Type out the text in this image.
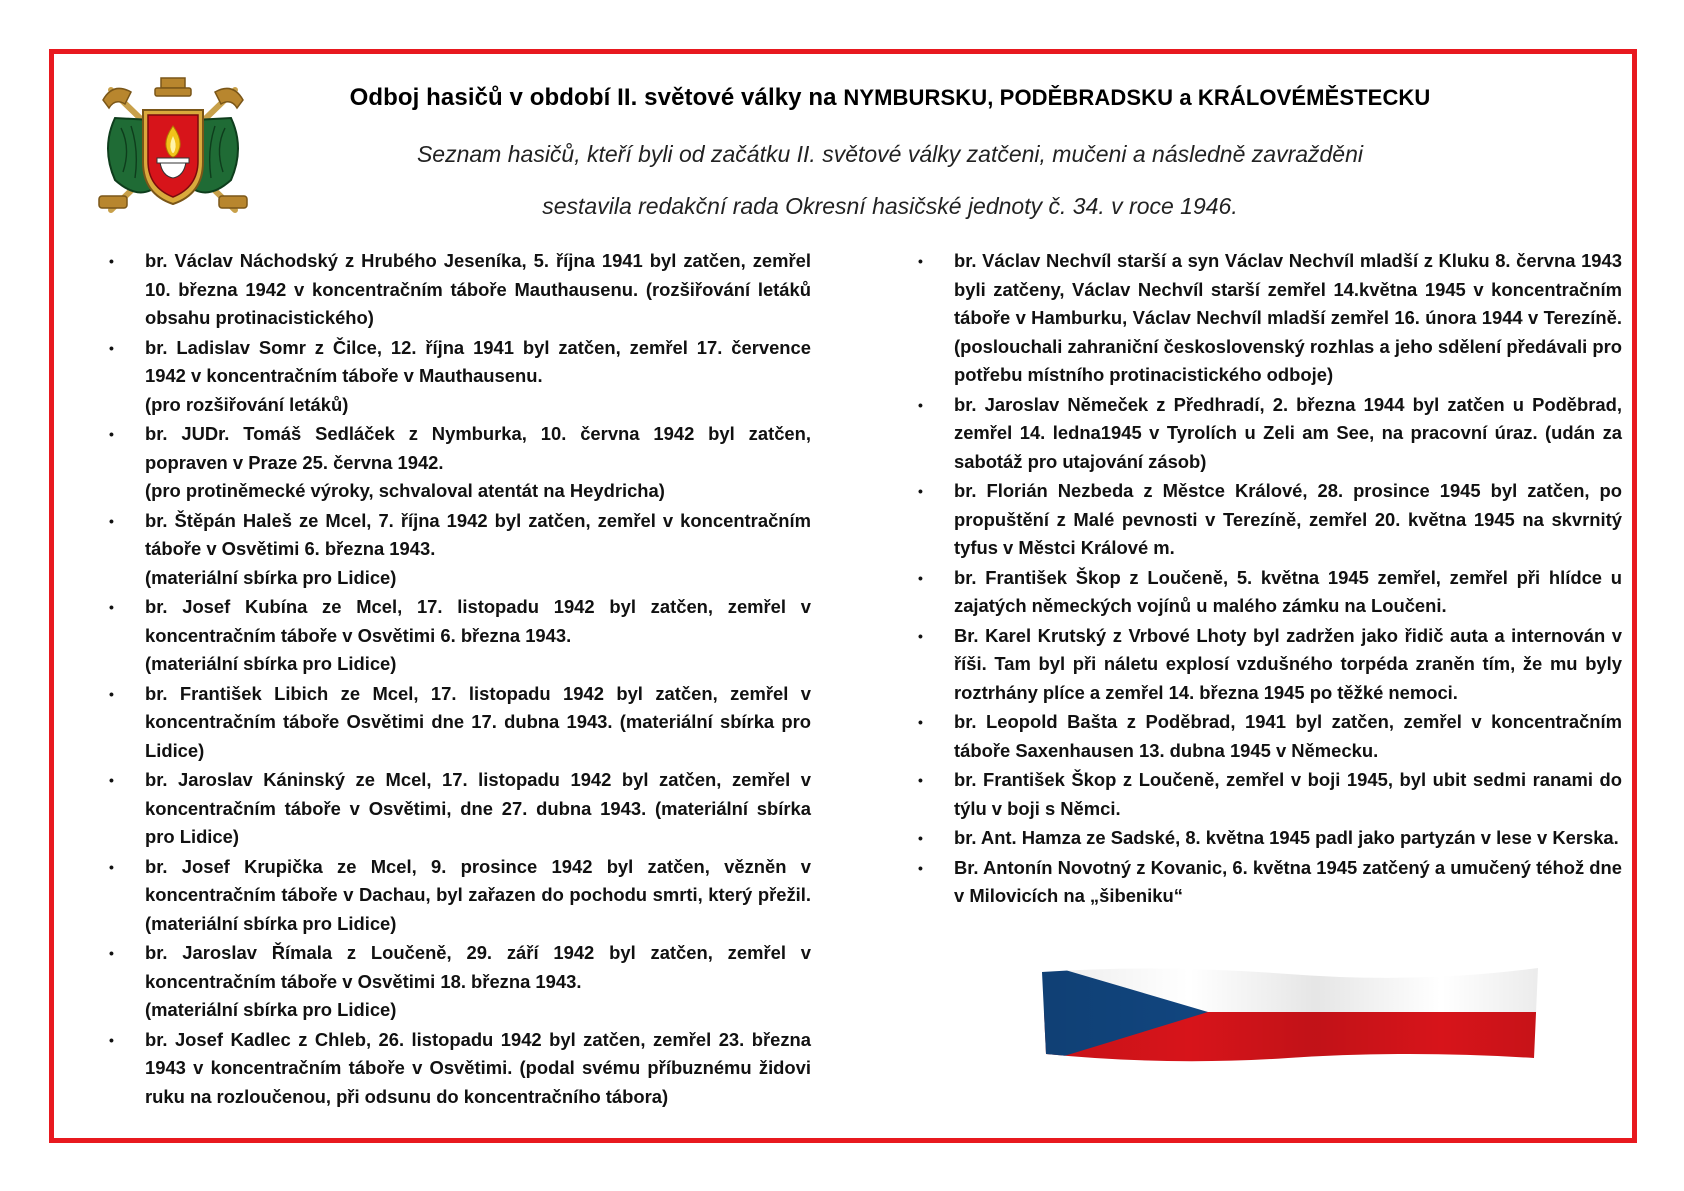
Odboj hasičů v období II. světové války na NYMBURSKU, PODĚBRADSKU a KRÁLOVÉMĚSTECKU
Seznam hasičů, kteří byli od začátku II. světové války zatčeni, mučeni a následně zavražděni
sestavila redakční rada Okresní hasičské jednoty č. 34. v roce 1946.
• br. Václav Náchodský z Hrubého Jeseníka, 5. října 1941 byl zatčen, zemřel 10. března 1942 v koncentračním táboře Mauthausenu. (rozšiřování letáků obsahu protinacistického)
• br. Ladislav Somr z Čilce, 12. října 1941 byl zatčen, zemřel 17. července 1942 v koncentračním táboře v Mauthausenu.
(pro rozšiřování letáků)
• br. JUDr. Tomáš Sedláček z Nymburka, 10. června 1942 byl zatčen, popraven v Praze 25. června 1942.
(pro protiněmecké výroky, schvaloval atentát na Heydricha)
• br. Štěpán Haleš ze Mcel, 7. října 1942 byl zatčen, zemřel v koncentračním táboře v Osvětimi 6. března 1943.
(materiální sbírka pro Lidice)
• br. Josef Kubína ze Mcel, 17. listopadu 1942 byl zatčen, zemřel v koncentračním táboře v Osvětimi 6. března 1943.
(materiální sbírka pro Lidice)
• br. František Libich ze Mcel, 17. listopadu 1942 byl zatčen, zemřel v koncentračním táboře Osvětimi dne 17. dubna 1943. (materiální sbírka pro Lidice)
• br. Jaroslav Káninský ze Mcel, 17. listopadu 1942 byl zatčen, zemřel v koncentračním táboře v Osvětimi, dne 27. dubna 1943. (materiální sbírka pro Lidice)
• br. Josef Krupička ze Mcel, 9. prosince 1942 byl zatčen, vězněn v koncentračním táboře v Dachau, byl zařazen do pochodu smrti, který přežil. (materiální sbírka pro Lidice)
• br. Jaroslav Římala z Loučeně, 29. září 1942 byl zatčen, zemřel v koncentračním táboře v Osvětimi 18. března 1943.
(materiální sbírka pro Lidice)
• br. Josef Kadlec z Chleb, 26. listopadu 1942 byl zatčen, zemřel 23. března 1943 v koncentračním táboře v Osvětimi. (podal svému příbuznému židovi ruku na rozloučenou, při odsunu do koncentračního tábora)
• br. Václav Nechvíl starší a syn Václav Nechvíl mladší z Kluku 8. června 1943 byli zatčeny, Václav Nechvíl starší zemřel 14.května 1945 v koncentračním táboře v Hamburku, Václav Nechvíl mladší zemřel 16. února 1944 v Terezíně. (poslouchali zahraniční československý rozhlas a jeho sdělení předávali pro potřebu místního protinacistického odboje)
• br. Jaroslav Němeček z Předhradí, 2. března 1944 byl zatčen u Poděbrad, zemřel 14. ledna1945 v Tyrolích u Zeli am See, na pracovní úraz. (udán za sabotáž pro utajování zásob)
• br. Florián Nezbeda z Městce Králové, 28. prosince 1945 byl zatčen, po propuštění z Malé pevnosti v Terezíně, zemřel 20. května 1945 na skvrnitý tyfus v Městci Králové m.
• br. František Škop z Loučeně, 5. května 1945 zemřel, zemřel při hlídce u zajatých německých vojínů u malého zámku na Loučeni.
• Br. Karel Krutský z Vrbové Lhoty byl zadržen jako řidič auta a internován v říši. Tam byl při náletu explosí vzdušného torpéda zraněn tím, že mu byly roztrhány plíce a zemřel 14. března 1945 po těžké nemoci.
• br. Leopold Bašta z Poděbrad, 1941 byl zatčen, zemřel v koncentračním táboře Saxenhausen 13. dubna 1945 v Německu.
• br. František Škop z Loučeně, zemřel v boji 1945, byl ubit sedmi ranami do týlu v boji s Němci.
• br. Ant. Hamza ze Sadské, 8. května 1945 padl jako partyzán v lese v Kerska.
• Br. Antonín Novotný z Kovanic, 6. května 1945 zatčený a umučený téhož dne v Milovicích na „šibeniku“
